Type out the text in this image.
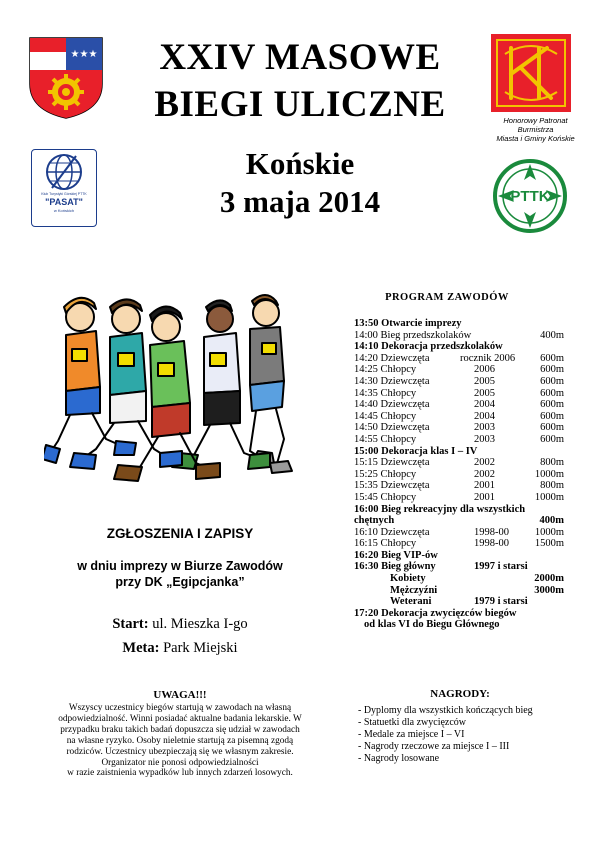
★★★	XXIV MASOWE
BIEGI ULICZNE
Końskie
3 maja 2014
Honorowy Patronat
Burmistrza
Miasta i Gminy Końskie
Klub Turystyki Górskiej PTTK
"PASAT"
w Końskich
PTTK
ZGŁOSZENIA I ZAPISY
w dniu imprezy w Biurze Zawodów
przy DK „Egipcjanka”
Start: ul. Mieszka I-go
Meta: Park Miejski
PROGRAM ZAWODÓW
13:50 Otwarcie imprezy
14:00 Bieg przedszkolaków	400m
14:10 Dekoracja przedszkolaków
14:20 Dziewczęta	rocznik 2006 600m
14:25 Chłopcy	2006	600m
14:30 Dziewczęta	2005	600m
14:35 Chłopcy	2005	600m
14:40 Dziewczęta	2004	600m
14:45 Chłopcy	2004	600m
14:50 Dziewczęta	2003	600m
14:55 Chłopcy	2003	600m
15:00 Dekoracja klas I – IV
15:15 Dziewczęta	2002	800m
15:25 Chłopcy	2002	1000m
15:35 Dziewczęta	2001	800m
15:45 Chłopcy	2001	1000m
16:00 Bieg rekreacyjny dla wszystkich
chętnych	400m
16:10 Dziewczęta	1998-00 1000m
16:15 Chłopcy	1998-00 1500m
16:20 Bieg VIP-ów
16:30 Bieg główny	1997 i starsi
Kobiety	2000m
Mężczyźni	3000m
Weterani	1979 i starsi
17:20 Dekoracja zwycięzców biegów
od klas VI do Biegu Głównego
UWAGA!!!
Wszyscy uczestnicy biegów startują w zawodach na własną
odpowiedzialność. Winni posiadać aktualne badania lekarskie. W
przypadku braku takich badań dopuszcza się udział w zawodach
na własne ryzyko. Osoby nieletnie startują za pisemną zgodą
rodziców. Uczestnicy ubezpieczają się we własnym zakresie.
Organizator nie ponosi odpowiedzialności
w razie zaistnienia wypadków lub innych zdarzeń losowych.
NAGRODY:
- Dyplomy dla wszystkich kończących bieg
- Statuetki dla zwycięzców
- Medale za miejsce I – VI
- Nagrody rzeczowe za miejsce I – III
- Nagrody losowane
